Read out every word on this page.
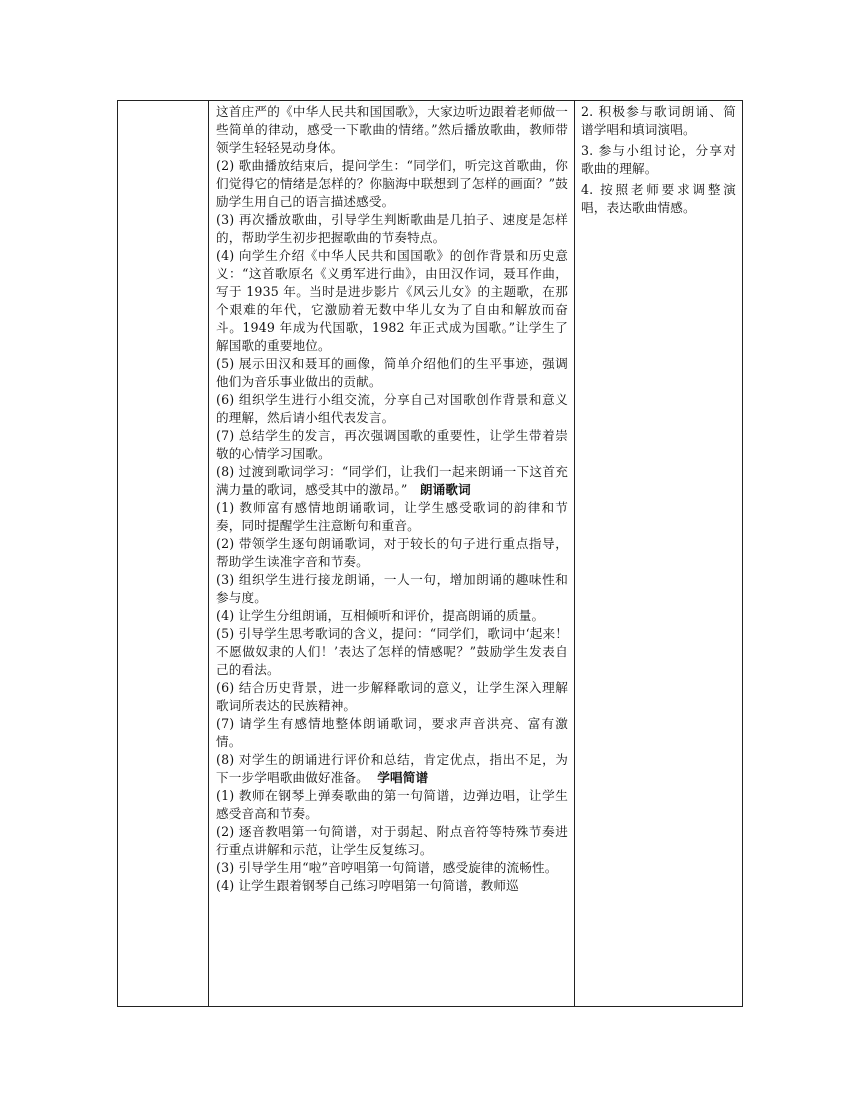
这首庄严的《中华人民共和国国歌》，大家边听边跟着老师做一些简单的律动，感受一下歌曲的情绪。”然后播放歌曲，教师带领学生轻轻晃动身体。

(2) 歌曲播放结束后，提问学生：“同学们，听完这首歌曲，你们觉得它的情绪是怎样的？你脑海中联想到了怎样的画面？”鼓励学生用自己的语言描述感受。

(3) 再次播放歌曲，引导学生判断歌曲是几拍子、速度是怎样的，帮助学生初步把握歌曲的节奏特点。

(4) 向学生介绍《中华人民共和国国歌》的创作背景和历史意义：“这首歌原名《义勇军进行曲》，由田汉作词，聂耳作曲，写于 1935 年。当时是进步影片《风云儿女》的主题歌，在那个艰难的年代，它激励着无数中华儿女为了自由和解放而奋斗。1949 年成为代国歌，1982 年正式成为国歌。”让学生了解国歌的重要地位。

(5) 展示田汉和聂耳的画像，简单介绍他们的生平事迹，强调他们为音乐事业做出的贡献。

(6) 组织学生进行小组交流，分享自己对国歌创作背景和意义的理解，然后请小组代表发言。

(7) 总结学生的发言，再次强调国歌的重要性，让学生带着崇敬的心情学习国歌。

(8) 过渡到歌词学习：“同学们，让我们一起来朗诵一下这首充满力量的歌词，感受其中的激昂。” 朗诵歌词

(1) 教师富有感情地朗诵歌词，让学生感受歌词的韵律和节奏，同时提醒学生注意断句和重音。

(2) 带领学生逐句朗诵歌词，对于较长的句子进行重点指导，帮助学生读准字音和节奏。

(3) 组织学生进行接龙朗诵，一人一句，增加朗诵的趣味性和参与度。

(4) 让学生分组朗诵，互相倾听和评价，提高朗诵的质量。

(5) 引导学生思考歌词的含义，提问：“同学们，歌词中‘起来！不愿做奴隶的人们！’表达了怎样的情感呢？”鼓励学生发表自己的看法。

(6) 结合历史背景，进一步解释歌词的意义，让学生深入理解歌词所表达的民族精神。

(7) 请学生有感情地整体朗诵歌词，要求声音洪亮、富有激情。

(8) 对学生的朗诵进行评价和总结，肯定优点，指出不足，为下一步学唱歌曲做好准备。 学唱简谱

(1) 教师在钢琴上弹奏歌曲的第一句简谱，边弹边唱，让学生感受音高和节奏。

(2) 逐音教唱第一句简谱，对于弱起、附点音符等特殊节奏进行重点讲解和示范，让学生反复练习。

(3) 引导学生用“啦”音哼唱第一句简谱，感受旋律的流畅性。

(4) 让学生跟着钢琴自己练习哼唱第一句简谱，教师巡

2. 积极参与歌词朗诵、简谱学唱和填词演唱。

3. 参与小组讨论，分享对歌曲的理解。

4. 按照老师要求调整演唱，表达歌曲情感。
